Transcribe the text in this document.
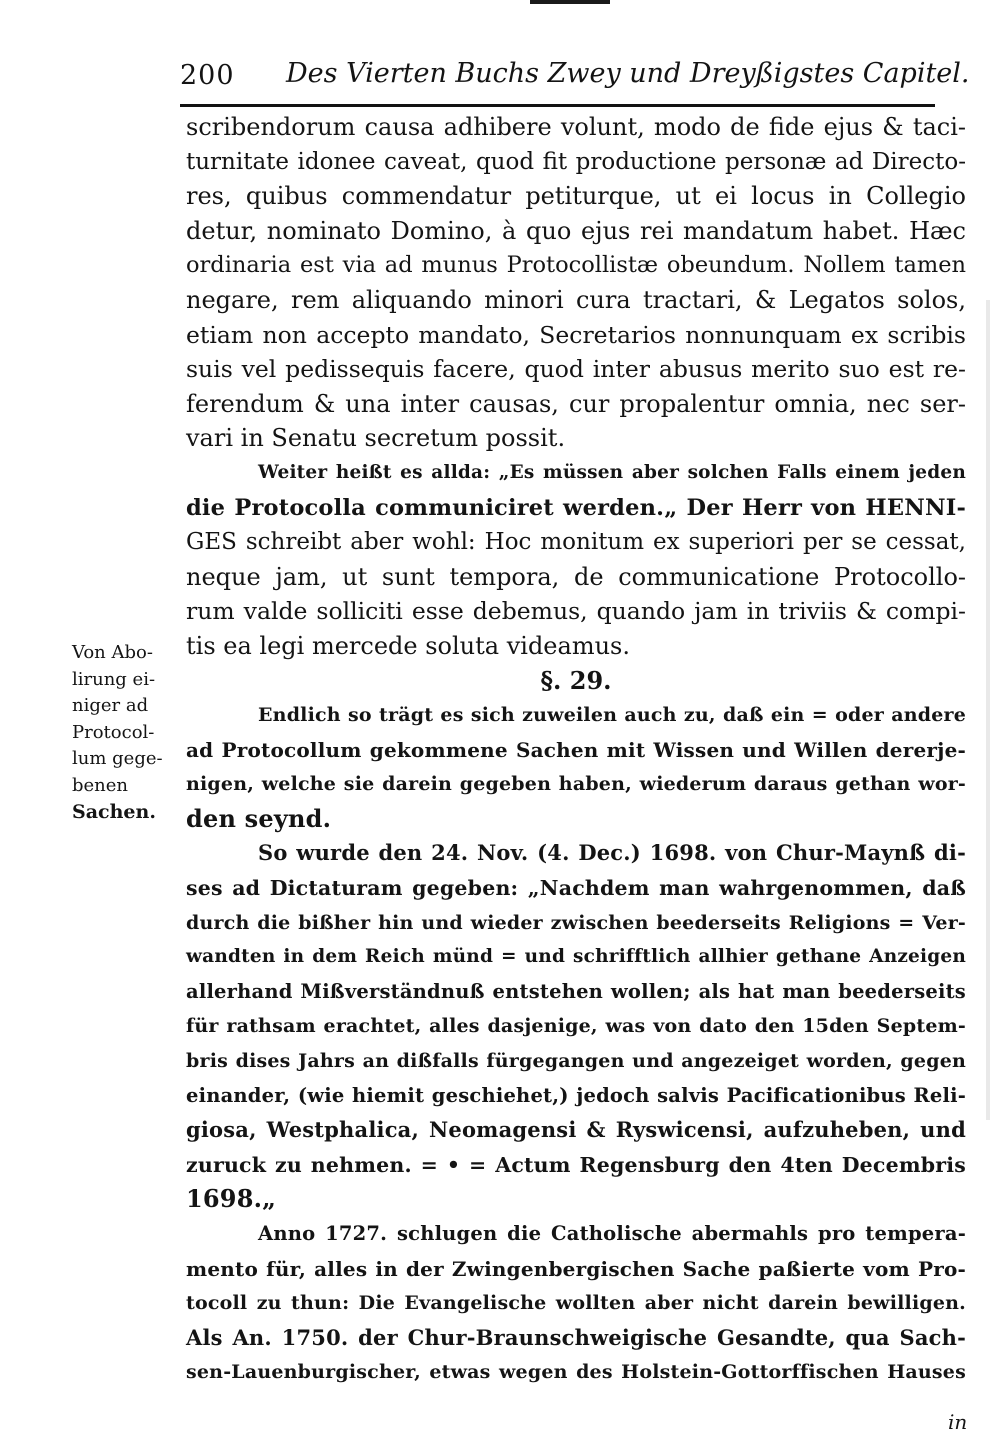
200 Des Vierten Buchs Zwey und Dreyßigstes Capitel.
scribendorum causa adhibere volunt, modo de fide ejus & taci-
turnitate idonee caveat, quod fit productione personæ ad Directo-
res, quibus commendatur petiturque, ut ei locus in Collegio
detur, nominato Domino, à quo ejus rei mandatum habet. Hæc
ordinaria est via ad munus Protocollistæ obeundum. Nollem tamen
negare, rem aliquando minori cura tractari, & Legatos solos,
etiam non accepto mandato, Secretarios nonnunquam ex scribis
suis vel pedissequis facere, quod inter abusus merito suo est re-
ferendum & una inter causas, cur propalentur omnia, nec ser-
vari in Senatu secretum possit.
Weiter heißt es allda: „Es müssen aber solchen Falls einem jeden
die Protocolla communiciret werden.„ Der Herr von HENNI-
GES schreibt aber wohl: Hoc monitum ex superiori per se cessat,
neque jam, ut sunt tempora, de communicatione Protocollo-
rum valde solliciti esse debemus, quando jam in triviis & compi-
tis ea legi mercede soluta videamus.
§. 29.
Endlich so trägt es sich zuweilen auch zu, daß ein = oder andere
ad Protocollum gekommene Sachen mit Wissen und Willen dererje-
nigen, welche sie darein gegeben haben, wiederum daraus gethan wor-
den seynd.
So wurde den 24. Nov. (4. Dec.) 1698. von Chur-Maynß di-
ses ad Dictaturam gegeben: „Nachdem man wahrgenommen, daß
durch die bißher hin und wieder zwischen beederseits Religions = Ver-
wandten in dem Reich münd = und schrifftlich allhier gethane Anzeigen
allerhand Mißverständnuß entstehen wollen; als hat man beederseits
für rathsam erachtet, alles dasjenige, was von dato den 15den Septem-
bris dises Jahrs an dißfalls fürgegangen und angezeiget worden, gegen
einander, (wie hiemit geschiehet,) jedoch salvis Pacificationibus Reli-
giosa, Westphalica, Neomagensi & Ryswicensi, aufzuheben, und
zuruck zu nehmen. = • = Actum Regensburg den 4ten Decembris
1698.„
Anno 1727. schlugen die Catholische abermahls pro tempera-
mento für, alles in der Zwingenbergischen Sache paßierte vom Pro-
tocoll zu thun: Die Evangelische wollten aber nicht darein bewilligen.
Als An. 1750. der Chur-Braunschweigische Gesandte, qua Sach-
sen-Lauenburgischer, etwas wegen des Holstein-Gottorffischen Hauses
Von Abo-
lirung ei-
niger ad
Protocol-
lum gege-
benen
Sachen.
in
